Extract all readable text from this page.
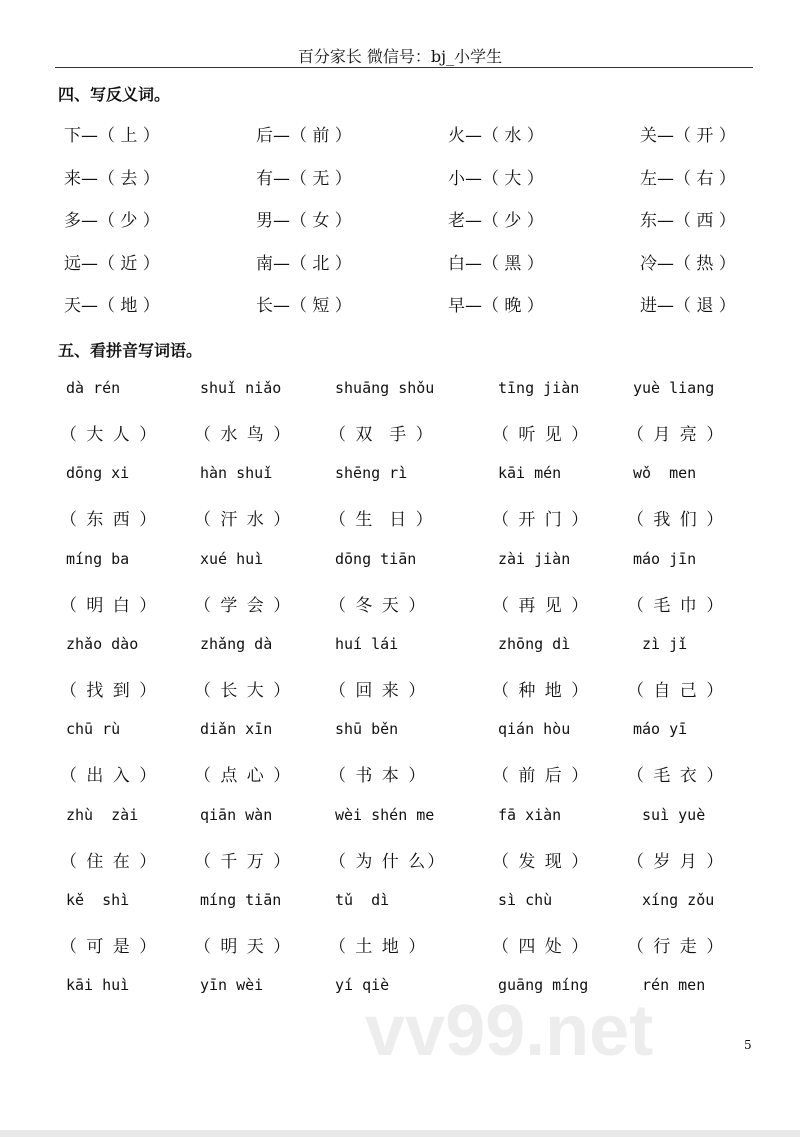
百分家长 微信号：bj_小学生
四、写反义词。
五、看拼音写词语。
下—（ 上 ）	后—（ 前 ）	火—（ 水 ）	关—（ 开 ）
来—（ 去 ）	有—（ 无 ）	小—（ 大 ）	左—（ 右 ）
多—（ 少 ）	男—（ 女 ）	老—（ 少 ）	东—（ 西 ）
远—（ 近 ）	南—（ 北 ）	白—（ 黑 ）	冷—（ 热 ）
天—（ 地 ）	长—（ 短 ）	早—（ 晚 ）	进—（ 退 ）
dà rén	shuǐ niǎo	shuāng shǒu	tīng jiàn	yuè liang
（ 大 人 ） （ 水 鸟 ） （ 双  手 ）	（ 听 见 ） （ 月 亮 ）
dōng xi	hàn shuǐ	shēng rì	kāi mén	wǒ  men
（ 东 西 ） （ 汗 水 ） （ 生  日 ）	（ 开 门 ） （ 我 们 ）
míng ba	xué huì	dōng tiān	zài jiàn	máo jīn
（ 明 白 ） （ 学 会 ） （ 冬 天 ）	（ 再 见 ） （ 毛 巾 ）
zhǎo dào	zhǎng dà	huí lái	zhōng dì	zì jǐ
（ 找 到 ） （ 长 大 ） （ 回 来 ）	（ 种 地 ） （ 自 己 ）
chū rù	diǎn xīn	shū běn	qián hòu	máo yī
（ 出 入 ） （ 点 心 ） （ 书 本 ）	（ 前 后 ） （ 毛 衣 ）
zhù  zài	qiān wàn	wèi shén me	fā xiàn	suì yuè
（ 住 在 ） （ 千 万 ） （ 为 什 么）	（ 发 现 ） （ 岁 月 ）
kě  shì	míng tiān	tǔ  dì	sì chù	xíng zǒu
（ 可 是 ） （ 明 天 ） （ 土 地 ）	（ 四 处 ） （ 行 走 ）
kāi huì	yīn wèi	yí qiè	guāng míng	rén men
vv99.net	5
